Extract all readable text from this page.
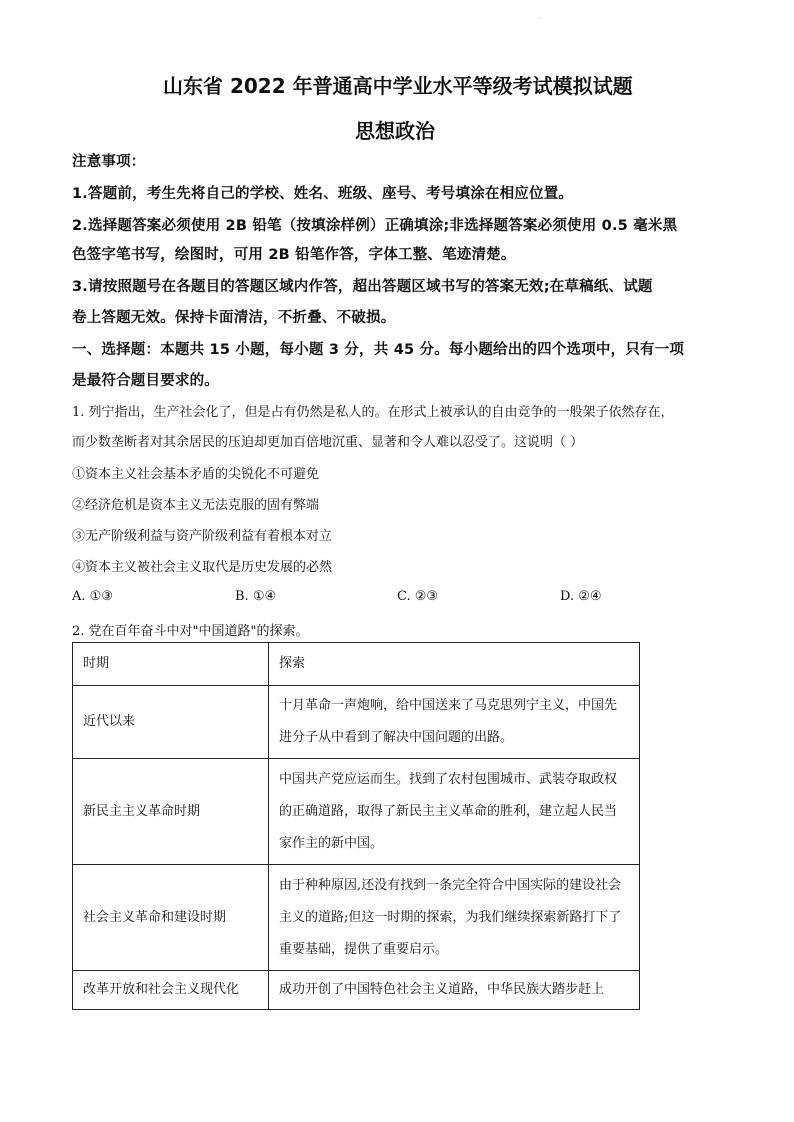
·
山东省 2022 年普通高中学业水平等级考试模拟试题
思想政治
注意事项：
1.答题前，考生先将自己的学校、姓名、班级、座号、考号填涂在相应位置。
2.选择题答案必须使用 2B 铅笔（按填涂样例）正确填涂;非选择题答案必须使用 0.5 毫米黑
色签字笔书写，绘图时，可用 2B 铅笔作答，字体工整、笔迹清楚。
3.请按照题号在各题目的答题区域内作答，超出答题区域书写的答案无效;在草稿纸、试题
卷上答题无效。保持卡面清洁，不折叠、不破损。
一、选择题：本题共 15 小题，每小题 3 分，共 45 分。每小题给出的四个选项中，只有一项
是最符合题目要求的。
1. 列宁指出，生产社会化了，但是占有仍然是私人的。在形式上被承认的自由竞争的一般架子依然存在，
而少数垄断者对其余居民的压迫却更加百倍地沉重、显著和令人难以忍受了。这说明（ ）
①资本主义社会基本矛盾的尖锐化不可避免
②经济危机是资本主义无法克服的固有弊端
③无产阶级利益与资产阶级利益有着根本对立
④资本主义被社会主义取代是历史发展的必然
A. ①③	B. ①④	C. ②③	D. ②④
2. 党在百年奋斗中对"中国道路"的探索。
时期	探索
近代以来	十月革命一声炮响，给中国送来了马克思列宁主义，中国先进分子从中看到了解决中国问题的出路。

新民主主义革命时期	中国共产党应运而生。找到了农村包围城市、武装夺取政权的正确道路，取得了新民主主义革命的胜利，建立起人民当家作主的新中国。

社会主义革命和建设时期	由于种种原因,还没有找到一条完全符合中国实际的建设社会主义的道路;但这一时期的探索，为我们继续探索新路打下了重要基础，提供了重要启示。

改革开放和社会主义现代化	成功开创了中国特色社会主义道路，中华民族大踏步赶上
